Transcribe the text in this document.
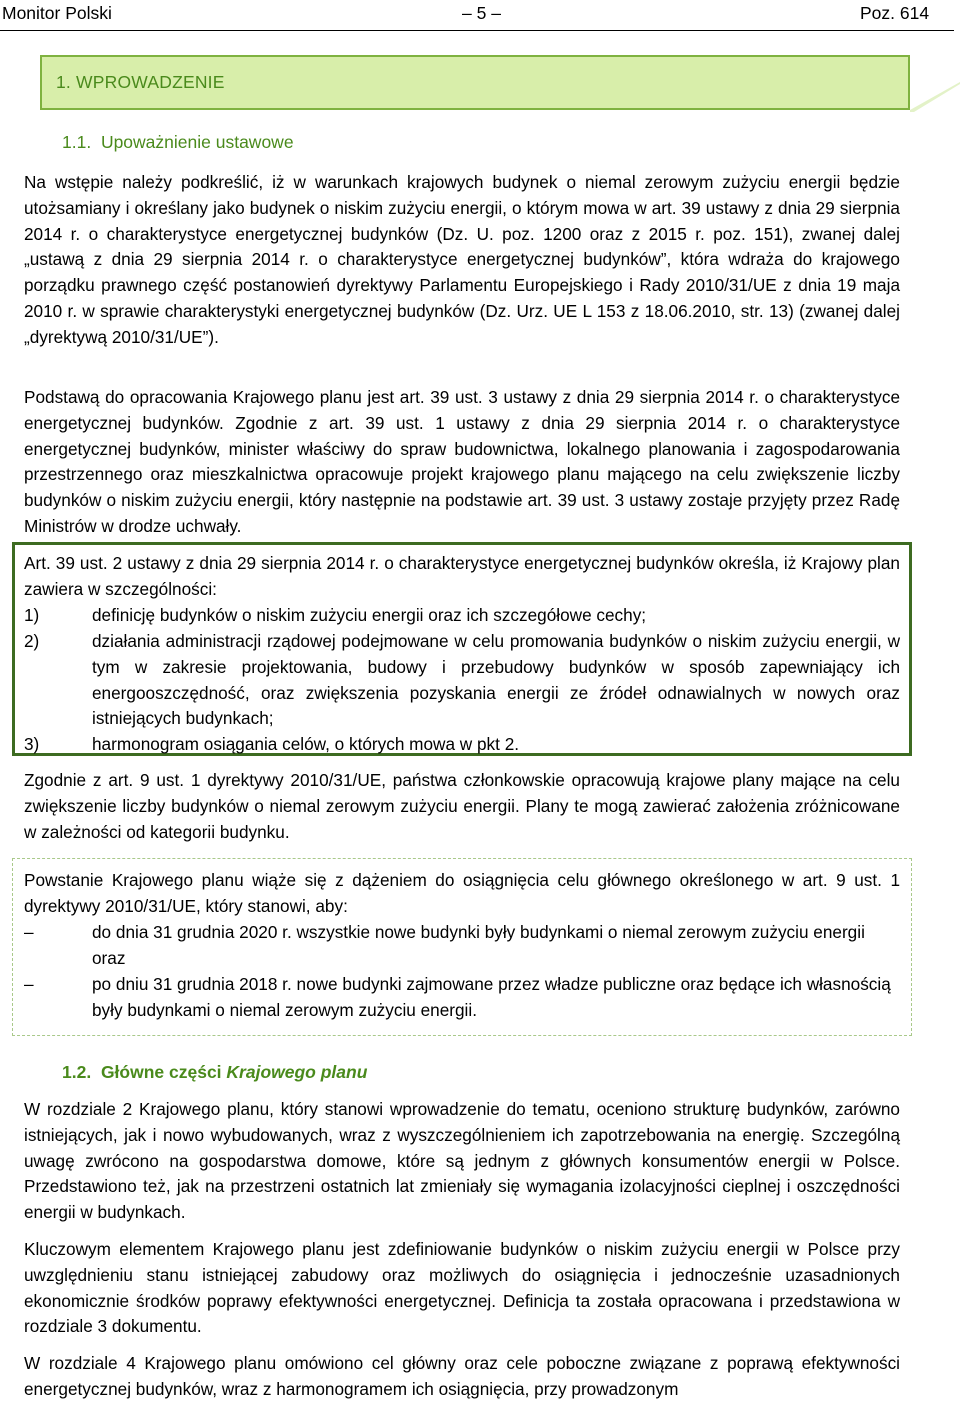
Monitor Polski	– 5 –	Poz. 614
1. WPROWADZENIE
1.1. Upoważnienie ustawowe
Na wstępie należy podkreślić, iż w warunkach krajowych budynek o niemal zerowym zużyciu energii będzie utożsamiany i określany jako budynek o niskim zużyciu energii, o którym mowa w art. 39 ustawy z dnia 29 sierpnia 2014 r. o charakterystyce energetycznej budynków (Dz. U. poz. 1200 oraz z 2015 r. poz. 151), zwanej dalej „ustawą z dnia 29 sierpnia 2014 r. o charakterystyce energetycznej budynków”, która wdraża do krajowego porządku prawnego część postanowień dyrektywy Parlamentu Europejskiego i Rady 2010/31/UE z dnia 19 maja 2010 r. w sprawie charakterystyki energetycznej budynków (Dz. Urz. UE L 153 z 18.06.2010, str. 13) (zwanej dalej „dyrektywą 2010/31/UE”).
Podstawą do opracowania Krajowego planu jest art. 39 ust. 3 ustawy z dnia 29 sierpnia 2014 r. o charakterystyce energetycznej budynków. Zgodnie z art. 39 ust. 1 ustawy z dnia 29 sierpnia 2014 r. o charakterystyce energetycznej budynków, minister właściwy do spraw budownictwa, lokalnego planowania i zagospodarowania przestrzennego oraz mieszkalnictwa opracowuje projekt krajowego planu mającego na celu zwiększenie liczby budynków o niskim zużyciu energii, który następnie na podstawie art. 39 ust. 3 ustawy zostaje przyjęty przez Radę Ministrów w drodze uchwały.
Art. 39 ust. 2 ustawy z dnia 29 sierpnia 2014 r. o charakterystyce energetycznej budynków określa, iż Krajowy plan zawiera w szczególności:
1)	definicję budynków o niskim zużyciu energii oraz ich szczegółowe cechy;
2)	działania administracji rządowej podejmowane w celu promowania budynków o niskim zużyciu energii, w tym w zakresie projektowania, budowy i przebudowy budynków w sposób zapewniający ich energooszczędność, oraz zwiększenia pozyskania energii ze źródeł odnawialnych w nowych oraz istniejących budynkach;
3)	harmonogram osiągania celów, o których mowa w pkt 2.
Zgodnie z art. 9 ust. 1 dyrektywy 2010/31/UE, państwa członkowskie opracowują krajowe plany mające na celu zwiększenie liczby budynków o niemal zerowym zużyciu energii. Plany te mogą zawierać założenia zróżnicowane w zależności od kategorii budynku.
Powstanie Krajowego planu wiąże się z dążeniem do osiągnięcia celu głównego określonego w art. 9 ust. 1 dyrektywy 2010/31/UE, który stanowi, aby:
–	do dnia 31 grudnia 2020 r. wszystkie nowe budynki były budynkami o niemal zerowym zużyciu energii oraz
–	po dniu 31 grudnia 2018 r. nowe budynki zajmowane przez władze publiczne oraz będące ich własnością były budynkami o niemal zerowym zużyciu energii.
1.2. Główne części Krajowego planu
W rozdziale 2 Krajowego planu, który stanowi wprowadzenie do tematu, oceniono strukturę budynków, zarówno istniejących, jak i nowo wybudowanych, wraz z wyszczególnieniem ich zapotrzebowania na energię. Szczególną uwagę zwrócono na gospodarstwa domowe, które są jednym z głównych konsumentów energii w Polsce. Przedstawiono też, jak na przestrzeni ostatnich lat zmieniały się wymagania izolacyjności cieplnej i oszczędności energii w budynkach.
Kluczowym elementem Krajowego planu jest zdefiniowanie budynków o niskim zużyciu energii w Polsce przy uwzględnieniu stanu istniejącej zabudowy oraz możliwych do osiągnięcia i jednocześnie uzasadnionych ekonomicznie środków poprawy efektywności energetycznej. Definicja ta została opracowana i przedstawiona w rozdziale 3 dokumentu.
W rozdziale 4 Krajowego planu omówiono cel główny oraz cele poboczne związane z poprawą efektywności energetycznej budynków, wraz z harmonogramem ich osiągnięcia, przy prowadzonym
